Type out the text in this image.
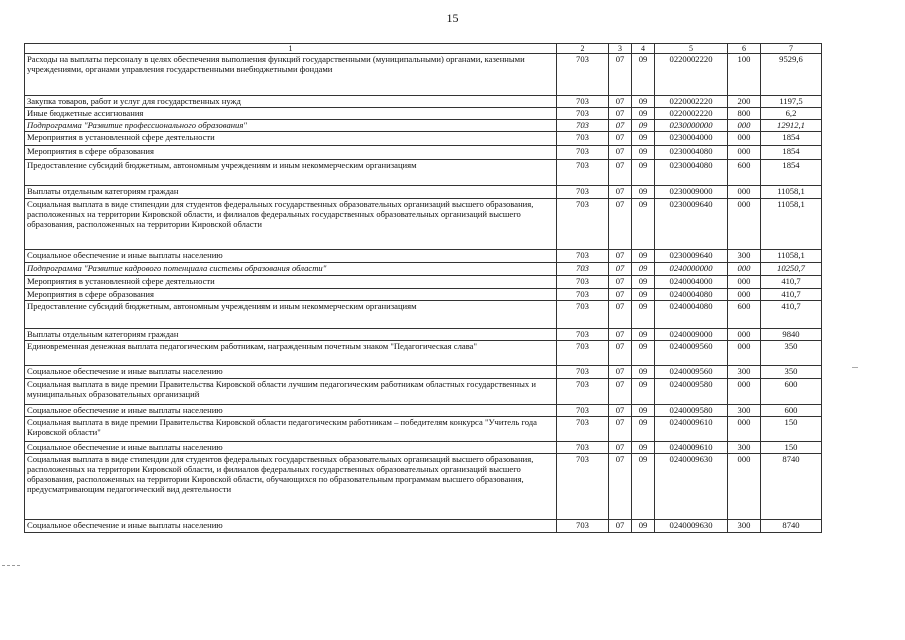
15
1	2	3	4	5	6	7
Расходы на выплаты персоналу в целях обеспечения выполнения функций государственными (муниципальными) органами, казенными учреждениями, органами управления государственными внебюджетными фондами	703	07	09	0220002220	100	9529,6
Закупка товаров, работ и услуг для государственных нужд	703	07	09	0220002220	200	1197,5
Иные бюджетные ассигнования	703	07	09	0220002220	800	6,2
Подпрограмма "Развитие профессионального образования"	703	07	09	0230000000	000	12912,1
Мероприятия в установленной сфере деятельности	703	07	09	0230004000	000	1854
Мероприятия в сфере образования	703	07	09	0230004080	000	1854
Предоставление субсидий бюджетным, автономным учреждениям и иным некоммерческим организациям	703	07	09	0230004080	600	1854
Выплаты отдельным категориям граждан	703	07	09	0230009000	000	11058,1
Социальная выплата в виде стипендии для студентов федеральных государственных образовательных организаций высшего образования, расположенных на территории Кировской области, и филиалов федеральных государственных образовательных организаций высшего образования, расположенных на территории Кировской области	703	07	09	0230009640	000	11058,1
Социальное обеспечение и иные выплаты населению	703	07	09	0230009640	300	11058,1
Подпрограмма "Развитие кадрового потенциала системы образования области"	703	07	09	0240000000	000	10250,7
Мероприятия в установленной сфере деятельности	703	07	09	0240004000	000	410,7
Мероприятия в сфере образования	703	07	09	0240004080	000	410,7
Предоставление субсидий бюджетным, автономным учреждениям и иным некоммерческим организациям	703	07	09	0240004080	600	410,7
Выплаты отдельным категориям граждан	703	07	09	0240009000	000	9840
Единовременная денежная выплата педагогическим работникам, награжденным почетным знаком "Педагогическая слава"	703	07	09	0240009560	000	350
Социальное обеспечение и иные выплаты населению	703	07	09	0240009560	300	350
Социальная выплата в виде премии Правительства Кировской области лучшим педагогическим работникам областных государственных и муниципальных образовательных организаций	703	07	09	0240009580	000	600
Социальное обеспечение и иные выплаты населению	703	07	09	0240009580	300	600
Социальная выплата в виде премии Правительства Кировской области педагогическим работникам – победителям конкурса "Учитель года Кировской области"	703	07	09	0240009610	000	150
Социальное обеспечение и иные выплаты населению	703	07	09	0240009610	300	150
Социальная выплата в виде стипендии для студентов федеральных государственных образовательных организаций высшего образования, расположенных на территории Кировской области, и филиалов федеральных государственных образовательных организаций высшего образования, расположенных на территории Кировской области, обучающихся по образовательным программам высшего образования, предусматривающим педагогический вид деятельности	703	07	09	0240009630	000	8740
Социальное обеспечение и иные выплаты населению	703	07	09	0240009630	300	8740
